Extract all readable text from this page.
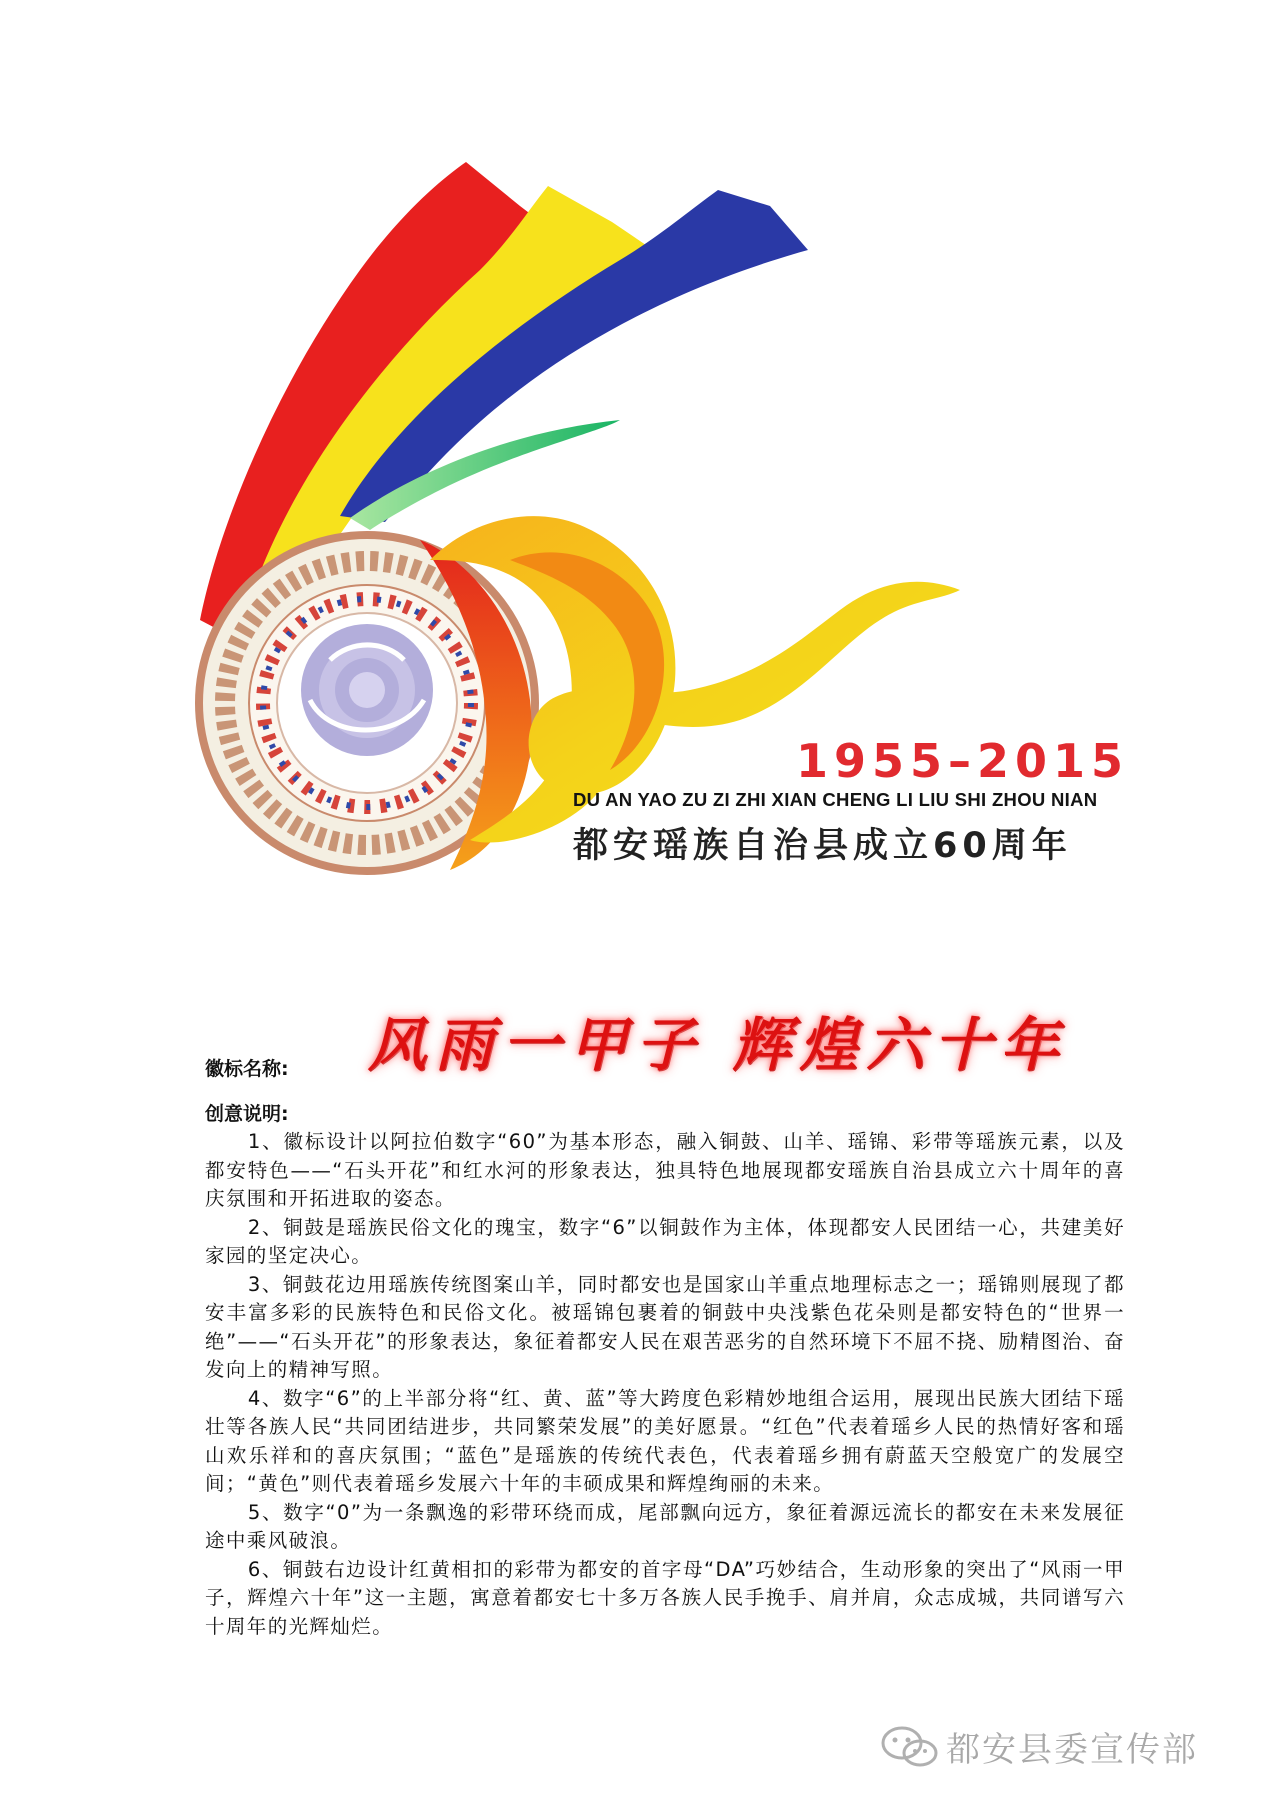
1955–2015
DU AN YAO ZU ZI ZHI XIAN CHENG LI LIU SHI ZHOU NIAN
都安瑶族自治县成立60周年
风雨一甲子 辉煌六十年
徽标名称:
创意说明:

1、徽标设计以阿拉伯数字“60”为基本形态，融入铜鼓、山羊、瑶锦、彩带等瑶族元素，以及都安特色——“石头开花”和红水河的形象表达，独具特色地展现都安瑶族自治县成立六十周年的喜庆氛围和开拓进取的姿态。

2、铜鼓是瑶族民俗文化的瑰宝，数字“6”以铜鼓作为主体，体现都安人民团结一心，共建美好家园的坚定决心。

3、铜鼓花边用瑶族传统图案山羊，同时都安也是国家山羊重点地理标志之一；瑶锦则展现了都安丰富多彩的民族特色和民俗文化。被瑶锦包裹着的铜鼓中央浅紫色花朵则是都安特色的“世界一绝”——“石头开花”的形象表达，象征着都安人民在艰苦恶劣的自然环境下不屈不挠、励精图治、奋发向上的精神写照。

4、数字“6”的上半部分将“红、黄、蓝”等大跨度色彩精妙地组合运用，展现出民族大团结下瑶壮等各族人民“共同团结进步，共同繁荣发展”的美好愿景。“红色”代表着瑶乡人民的热情好客和瑶山欢乐祥和的喜庆氛围；“蓝色”是瑶族的传统代表色，代表着瑶乡拥有蔚蓝天空般宽广的发展空间；“黄色”则代表着瑶乡发展六十年的丰硕成果和辉煌绚丽的未来。

5、数字“0”为一条飘逸的彩带环绕而成，尾部飘向远方，象征着源远流长的都安在未来发展征途中乘风破浪。

6、铜鼓右边设计红黄相扣的彩带为都安的首字母“DA”巧妙结合，生动形象的突出了“风雨一甲子，辉煌六十年”这一主题，寓意着都安七十多万各族人民手挽手、肩并肩，众志成城，共同谱写六十周年的光辉灿烂。

都安县委宣传部
